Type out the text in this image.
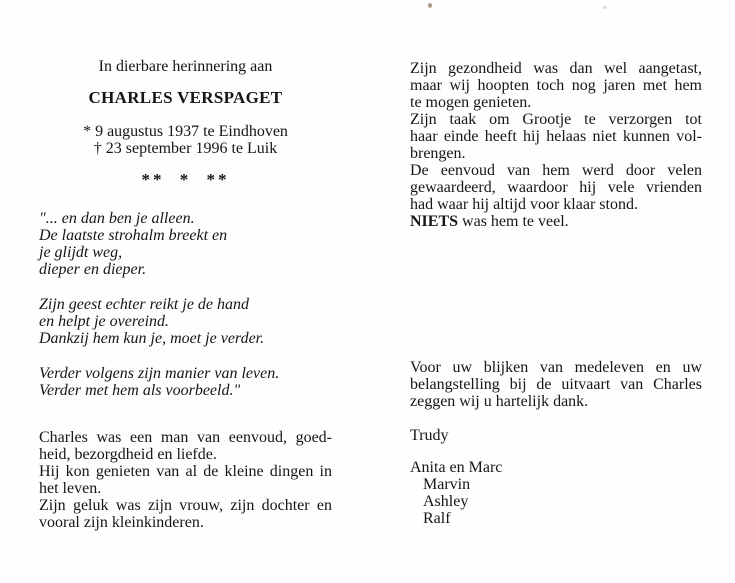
In dierbare herinnering aan
CHARLES VERSPAGET
* 9 augustus 1937 te Eindhoven
† 23 september 1996 te Luik
** * **
"... en dan ben je alleen.
De laatste strohalm breekt en
je glijdt weg,
dieper en dieper.
Zijn geest echter reikt je de hand
en helpt je overeind.
Dankzij hem kun je, moet je verder.
Verder volgens zijn manier van leven.
Verder met hem als voorbeeld."
Charles was een man van eenvoud, goed-
heid, bezorgdheid en liefde.
Hij kon genieten van al de kleine dingen in
het leven.
Zijn geluk was zijn vrouw, zijn dochter en
vooral zijn kleinkinderen.
Zijn gezondheid was dan wel aangetast,
maar wij hoopten toch nog jaren met hem
te mogen genieten.
Zijn taak om Grootje te verzorgen tot
haar einde heeft hij helaas niet kunnen vol-
brengen.
De eenvoud van hem werd door velen
gewaardeerd, waardoor hij vele vrienden
had waar hij altijd voor klaar stond.
NIETS was hem te veel.
Voor uw blijken van medeleven en uw
belangstelling bij de uitvaart van Charles
zeggen wij u hartelijk dank.
Trudy
Anita en Marc
Marvin
Ashley
Ralf
